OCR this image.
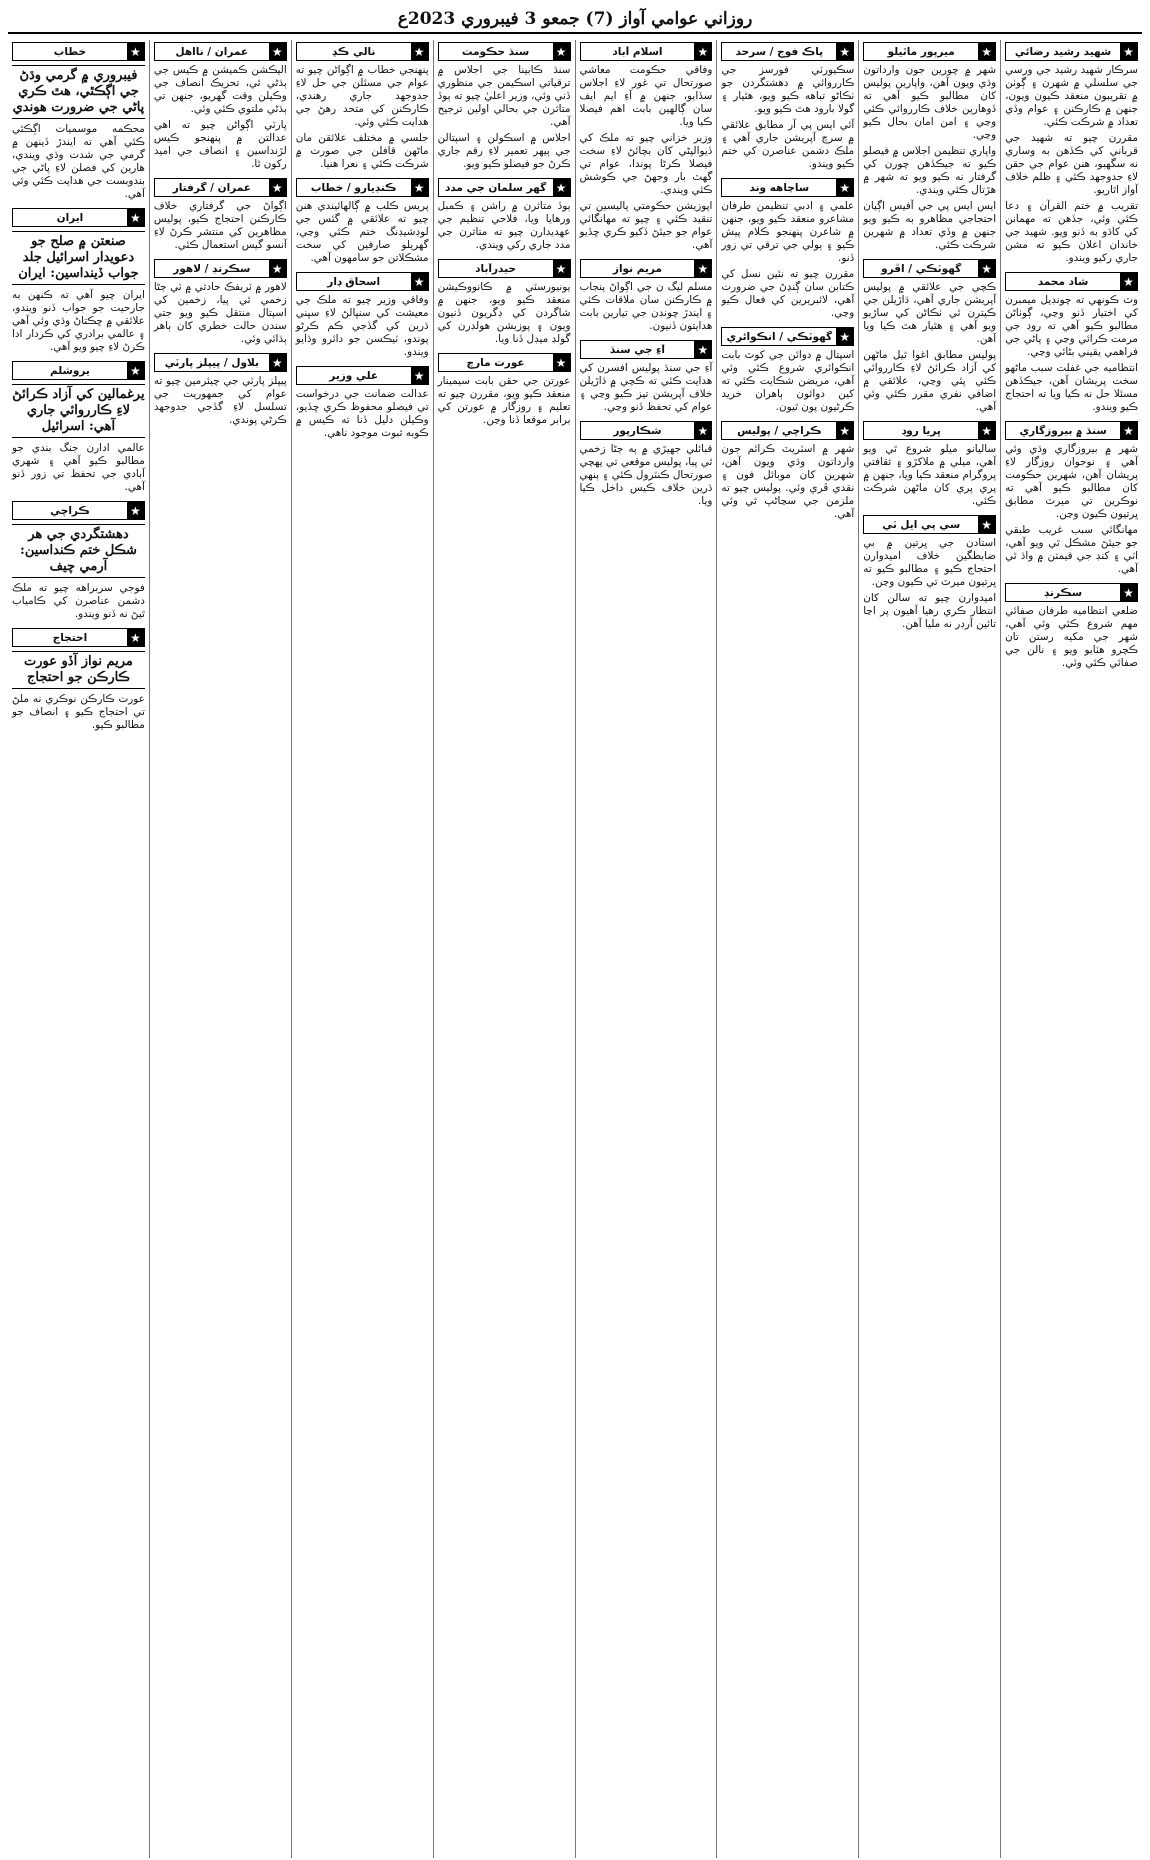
روزاني عوامي آواز (7) جمعو 3 فيبروري 2023ع
★
شهيد رشيد رضائي

سرڪار شهيد رشيد جي ورسي جي سلسلي ۾ شهرن ۽ ڳوٺن ۾ تقريبون منعقد ڪيون ويون، جنهن ۾ ڪارڪنن ۽ عوام وڏي تعداد ۾ شرڪت ڪئي.

مقررن چيو ته شهيد جي قرباني کي ڪڏهن به وساري نه سگهبو، هنن عوام جي حقن لاءِ جدوجهد ڪئي ۽ ظلم خلاف آواز اٿاريو.

تقريب ۾ ختم القرآن ۽ دعا ڪئي وئي، جڏهن ته مهمانن کي کاڌو به ڏنو ويو. شهيد جي خاندان اعلان ڪيو ته مشن جاري رکيو ويندو.

★
شاد محمد

وٽ ڪونهي ته چونڊيل ميمبرن کي اختيار ڏنو وڃي، ڳوٺاڻن مطالبو ڪيو آهي ته روڊ جي مرمت ڪرائي وڃي ۽ پاڻي جي فراهمي يقيني بڻائي وڃي.

انتظاميه جي غفلت سبب ماڻهو سخت پريشان آهن، جيڪڏهن مسئلا حل نه ڪيا ويا ته احتجاج ڪيو ويندو.

★
سنڌ ۾ بيروزگاري

شهر ۾ بيروزگاري وڌي وئي آهي ۽ نوجوان روزگار لاءِ پريشان آهن، شهرين حڪومت کان مطالبو ڪيو آهي ته نوڪرين تي ميرٽ مطابق ڀرتيون ڪيون وڃن.

مهانگائي سبب غريب طبقي جو جيئڻ مشڪل ٿي ويو آهي، اٽي ۽ کنڊ جي قيمتن ۾ واڌ ٿي آهي.

★
سڪرنڊ

ضلعي انتظاميه طرفان صفائي مهم شروع ڪئي وئي آهي، شهر جي مکيه رستن تان ڪچرو هٽايو ويو ۽ نالن جي صفائي ڪئي وئي.

★
ميرپور ماٿيلو

شهر ۾ چورين جون وارداتون وڌي ويون آهن، واپارين پوليس کان مطالبو ڪيو آهي ته ڏوهارين خلاف ڪارروائي ڪئي وڃي ۽ امن امان بحال ڪيو وڃي.

واپاري تنظيمن اجلاس ۾ فيصلو ڪيو ته جيڪڏهن چورن کي گرفتار نه ڪيو ويو ته شهر ۾ هڙتال ڪئي ويندي.

ايس ايس پي جي آفيس اڳيان احتجاجي مظاهرو به ڪيو ويو جنهن ۾ وڏي تعداد ۾ شهرين شرڪت ڪئي.

★
گهوٽڪي / اڦرو

ڪچي جي علائقي ۾ پوليس آپريشن جاري آهي، ڌاڙيلن جي ڪيترن ئي ٺڪاڻن کي ساڙيو ويو آهي ۽ هٿيار هٿ ڪيا ويا آهن.

پوليس مطابق اغوا ٿيل ماڻهن کي آزاد ڪرائڻ لاءِ ڪارروائي ڪئي پئي وڃي، علائقي ۾ اضافي نفري مقرر ڪئي وئي آهي.

★
ڀريا روڊ

ساليانو ميلو شروع ٿي ويو آهي، ميلي ۾ ملاکڙو ۽ ثقافتي پروگرام منعقد ڪيا ويا، جنهن ۾ پري پري کان ماڻهن شرڪت ڪئي.

★
سي پي ايل ٽي

استادن جي ڀرتين ۾ بي ضابطگين خلاف اميدوارن احتجاج ڪيو ۽ مطالبو ڪيو ته ڀرتيون ميرٽ تي ڪيون وڃن.

اميدوارن چيو ته سالن کان انتظار ڪري رهيا آهيون پر اڃا تائين آرڊر نه مليا آهن.

★
پاڪ فوج / سرحد

سڪيورٽي فورسز جي ڪارروائي ۾ دهشتگردن جو ٺڪاڻو تباهه ڪيو ويو، هٿيار ۽ گولا بارود هٿ ڪيو ويو.

آئي ايس پي آر مطابق علائقي ۾ سرچ آپريشن جاري آهي ۽ ملڪ دشمن عناصرن کي ختم ڪيو ويندو.

★
ساڃاهه وند

علمي ۽ ادبي تنظيمن طرفان مشاعرو منعقد ڪيو ويو، جنهن ۾ شاعرن پنهنجو ڪلام پيش ڪيو ۽ ٻولي جي ترقي تي زور ڏنو.

مقررن چيو ته نئين نسل کي ڪتابن سان ڳنڍڻ جي ضرورت آهي، لائبريرين کي فعال ڪيو وڃي.

★
گهوٽڪي / انڪوائري

اسپتال ۾ دوائن جي کوٽ بابت انڪوائري شروع ڪئي وئي آهي، مريضن شڪايت ڪئي ته کين دوائون ٻاهران خريد ڪرڻيون پون ٿيون.

★
ڪراچي / پوليس

شهر ۾ اسٽريٽ ڪرائم جون وارداتون وڌي ويون آهن، شهرين کان موبائل فون ۽ نقدي ڦري وئي. پوليس چيو ته ملزمن جي سڃاڻپ ٿي وئي آهي.

★
اسلام آباد

وفاقي حڪومت معاشي صورتحال تي غور لاءِ اجلاس سڏايو، جنهن ۾ آءِ ايم ايف سان ڳالهين بابت اهم فيصلا ڪيا ويا.

وزير خزاني چيو ته ملڪ کي ڏيوالپڻي کان بچائڻ لاءِ سخت فيصلا ڪرڻا پوندا، عوام تي گهٽ بار وجهڻ جي ڪوشش ڪئي ويندي.

اپوزيشن حڪومتي پاليسين تي تنقيد ڪئي ۽ چيو ته مهانگائي عوام جو جيئڻ ڏکيو ڪري ڇڏيو آهي.

★
مريم نواز

مسلم ليگ ن جي اڳواڻ پنجاب ۾ ڪارڪنن سان ملاقات ڪئي ۽ ايندڙ چونڊن جي تيارين بابت هدايتون ڏنيون.

★
آءِ جي سنڌ

آءِ جي سنڌ پوليس افسرن کي هدايت ڪئي ته ڪچي ۾ ڌاڙيلن خلاف آپريشن تيز ڪيو وڃي ۽ عوام کي تحفظ ڏنو وڃي.

★
شڪارپور

قبائلي جهيڙي ۾ ٻه ڄڻا زخمي ٿي پيا، پوليس موقعي تي پهچي صورتحال ڪنٽرول ڪئي ۽ ٻنهي ڌرين خلاف ڪيس داخل ڪيا ويا.

★
سنڌ حڪومت

سنڌ ڪابينا جي اجلاس ۾ ترقياتي اسڪيمن جي منظوري ڏني وئي، وزير اعليٰ چيو ته ٻوڏ متاثرن جي بحالي اولين ترجيح آهي.

اجلاس ۾ اسڪولن ۽ اسپتالن جي ٻيهر تعمير لاءِ رقم جاري ڪرڻ جو فيصلو ڪيو ويو.

★
گهر سلمان جي مدد

ٻوڏ متاثرن ۾ راشن ۽ ڪمبل ورهايا ويا، فلاحي تنظيم جي عهديدارن چيو ته متاثرن جي مدد جاري رکي ويندي.

★
حيدرآباد

يونيورسٽي ۾ ڪانووڪيشن منعقد ڪيو ويو، جنهن ۾ شاگردن کي ڊگريون ڏنيون ويون ۽ پوزيشن هولڊرن کي گولڊ ميڊل ڏنا ويا.

★
عورت مارچ

عورتن جي حقن بابت سيمينار منعقد ڪيو ويو، مقررن چيو ته تعليم ۽ روزگار ۾ عورتن کي برابر موقعا ڏنا وڃن.

★
نالي ڪڍ

پنهنجي خطاب ۾ اڳواڻن چيو ته عوام جي مسئلن جي حل لاءِ جدوجهد جاري رهندي، ڪارڪنن کي متحد رهڻ جي هدايت ڪئي وئي.

جلسي ۾ مختلف علائقن مان ماڻهن قافلن جي صورت ۾ شرڪت ڪئي ۽ نعرا هنيا.

★
ڪنڊيارو / خطاب

پريس ڪلب ۾ ڳالهائيندي هنن چيو ته علائقي ۾ گئس جي لوڊشيڊنگ ختم ڪئي وڃي، گهريلو صارفين کي سخت مشڪلاتن جو سامهون آهي.

★
اسحاق ڊار

وفاقي وزير چيو ته ملڪ جي معيشت کي سنڀالڻ لاءِ سڀني ڌرين کي گڏجي ڪم ڪرڻو پوندو، ٽيڪسن جو دائرو وڌايو ويندو.

★
علي وزير

عدالت ضمانت جي درخواست تي فيصلو محفوظ ڪري ڇڏيو، وڪيلن دليل ڏنا ته ڪيس ۾ ڪوبه ثبوت موجود ناهي.

★
عمران / نااهل

اليڪشن ڪميشن ۾ ڪيس جي ٻڌڻي ٿي، تحريڪ انصاف جي وڪيلن وقت گهريو، جنهن تي ٻڌڻي ملتوي ڪئي وئي.

پارٽي اڳواڻن چيو ته اهي عدالتن ۾ پنهنجو ڪيس لڙنداسين ۽ انصاف جي اميد رکون ٿا.

★
عمران / گرفتار

اڳواڻ جي گرفتاري خلاف ڪارڪنن احتجاج ڪيو، پوليس مظاهرين کي منتشر ڪرڻ لاءِ آنسو گيس استعمال ڪئي.

★
سڪرنڊ / لاهور

لاهور ۾ ٽريفڪ حادثي ۾ ٽي ڄڻا زخمي ٿي پيا، زخمين کي اسپتال منتقل ڪيو ويو جتي سندن حالت خطري کان ٻاهر ٻڌائي وئي.

★
بلاول / پيپلز پارٽي

پيپلز پارٽي جي چيئرمين چيو ته عوام کي جمهوريت جي تسلسل لاءِ گڏجي جدوجهد ڪرڻي پوندي.

★
خطاب
فيبروري ۾ گرمي وڌڻ جي اڳڪٿي، هٿ ڪري پاڻي جي ضرورت هوندي

محڪمه موسميات اڳڪٿي ڪئي آهي ته ايندڙ ڏينهن ۾ گرمي جي شدت وڌي ويندي، هارين کي فصلن لاءِ پاڻي جي بندوبست جي هدايت ڪئي وئي آهي.

★
ايران
صنعتن ۾ صلح جو دعويدار اسرائيل جلد جواب ڏينداسين: ايران

ايران چيو آهي ته ڪنهن به جارحيت جو جواب ڏنو ويندو، علائقي ۾ ڇڪتاڻ وڌي وئي آهي ۽ عالمي برادري کي ڪردار ادا ڪرڻ لاءِ چيو ويو آهي.

★
يروشلم
يرغمالين کي آزاد ڪرائڻ لاءِ ڪارروائي جاري آهي: اسرائيل

عالمي ادارن جنگ بندي جو مطالبو ڪيو آهي ۽ شهري آبادي جي تحفظ تي زور ڏنو آهي.

★
ڪراچي
دهشتگردي جي هر شڪل ختم ڪنداسين: آرمي چيف

فوجي سربراهه چيو ته ملڪ دشمن عناصرن کي ڪامياب ٿيڻ نه ڏنو ويندو.

★
احتجاج
مريم نواز آڏو عورت ڪارڪن جو احتجاج

عورت ڪارڪن نوڪري نه ملڻ تي احتجاج ڪيو ۽ انصاف جو مطالبو ڪيو.
